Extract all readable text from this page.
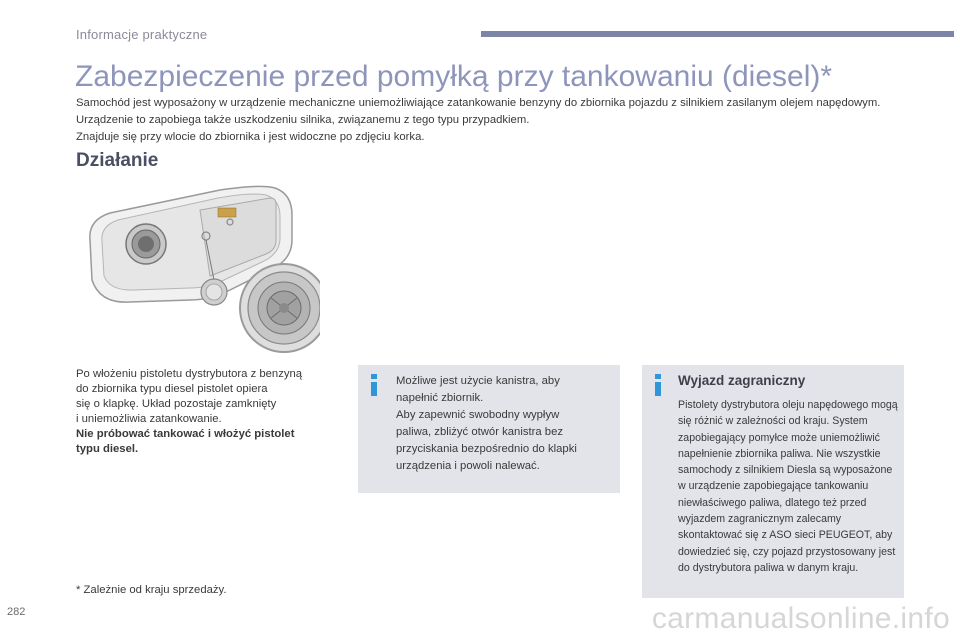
Informacje praktyczne
Zabezpieczenie przed pomyłką przy tankowaniu (diesel)*

Samochód jest wyposażony w urządzenie mechaniczne uniemożliwiające zatankowanie benzyny do zbiornika pojazdu z silnikiem zasilanym olejem napędowym. Urządzenie to zapobiega także uszkodzeniu silnika, związanemu z tego typu przypadkiem.

Znajduje się przy wlocie do zbiornika i jest widoczne po zdjęciu korka.

Działanie

Po włożeniu pistoletu dystrybutora z benzyną

do zbiornika typu diesel pistolet opiera

się o klapkę. Układ pozostaje zamknięty

i uniemożliwia zatankowanie.

Nie próbować tankować i włożyć pistolet

typu diesel.

Możliwe jest użycie kanistra, aby

napełnić zbiornik.

Aby zapewnić swobodny wypływ

paliwa, zbliżyć otwór kanistra bez

przyciskania bezpośrednio do klapki

urządzenia i powoli nalewać.

Wyjazd zagraniczny
Pistolety dystrybutora oleju napędowego mogą się różnić w zależności od kraju. System zapobiegający pomyłce może uniemożliwić napełnienie zbiornika paliwa. Nie wszystkie samochody z silnikiem Diesla są wyposażone w urządzenie zapobiegające tankowaniu niewłaściwego paliwa, dlatego też przed wyjazdem zagranicznym zalecamy skontaktować się z ASO sieci PEUGEOT, aby dowiedzieć się, czy pojazd przystosowany jest do dystrybutora paliwa w danym kraju.
* Zależnie od kraju sprzedaży.
282	carmanualsonline.info
